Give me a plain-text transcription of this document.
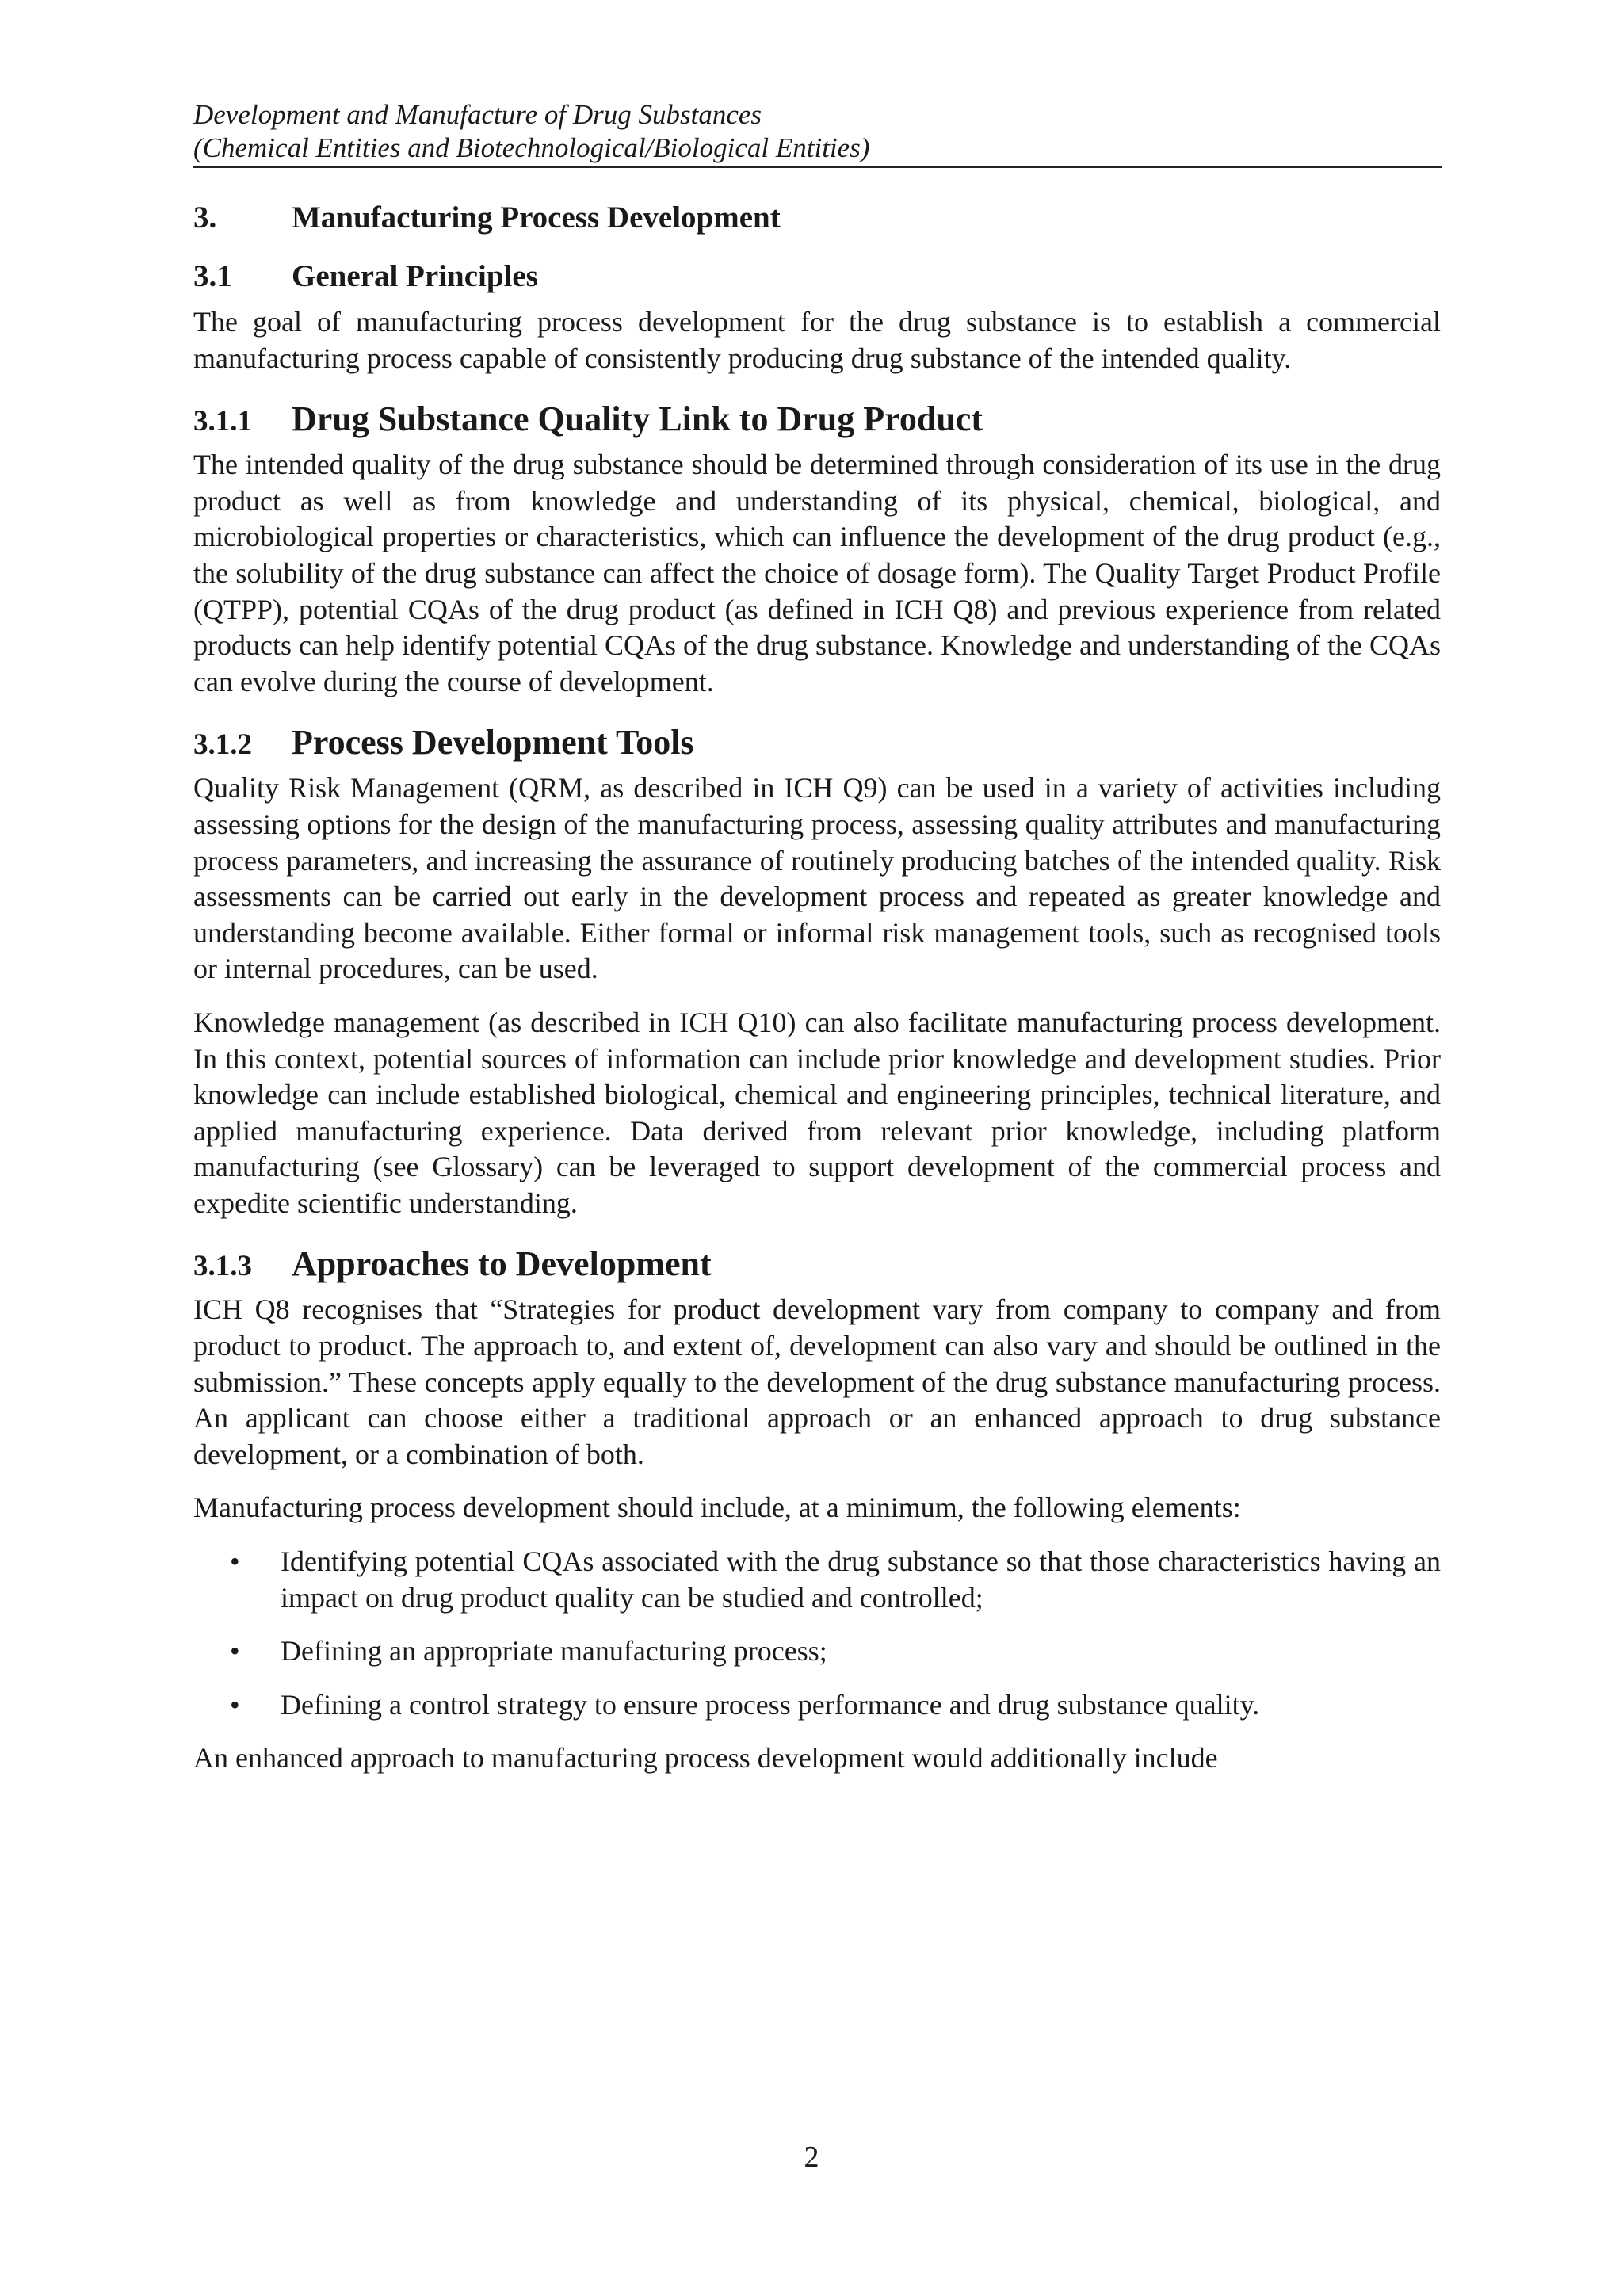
Development and Manufacture of Drug Substances
(Chemical Entities and Biotechnological/Biological Entities)
3. Manufacturing Process Development
3.1 General Principles

The goal of manufacturing process development for the drug substance is to establish a commercial manufacturing process capable of consistently producing drug substance of the intended quality.

3.1.1 Drug Substance Quality Link to Drug Product

The intended quality of the drug substance should be determined through consideration of its use in the drug product as well as from knowledge and understanding of its physical, chemical, biological, and microbiological properties or characteristics, which can influence the development of the drug product (e.g., the solubility of the drug substance can affect the choice of dosage form). The Quality Target Product Profile (QTPP), potential CQAs of the drug product (as defined in ICH Q8) and previous experience from related products can help identify potential CQAs of the drug substance. Knowledge and understanding of the CQAs can evolve during the course of development.

3.1.2 Process Development Tools

Quality Risk Management (QRM, as described in ICH Q9) can be used in a variety of activities including assessing options for the design of the manufacturing process, assessing quality attributes and manufacturing process parameters, and increasing the assurance of routinely producing batches of the intended quality. Risk assessments can be carried out early in the development process and repeated as greater knowledge and understanding become available. Either formal or informal risk management tools, such as recognised tools or internal procedures, can be used.

Knowledge management (as described in ICH Q10) can also facilitate manufacturing process development. In this context, potential sources of information can include prior knowledge and development studies. Prior knowledge can include established biological, chemical and engineering principles, technical literature, and applied manufacturing experience. Data derived from relevant prior knowledge, including platform manufacturing (see Glossary) can be leveraged to support development of the commercial process and expedite scientific understanding.

3.1.3 Approaches to Development

ICH Q8 recognises that “Strategies for product development vary from company to company and from product to product. The approach to, and extent of, development can also vary and should be outlined in the submission.” These concepts apply equally to the development of the drug substance manufacturing process. An applicant can choose either a traditional approach or an enhanced approach to drug substance development, or a combination of both.

Manufacturing process development should include, at a minimum, the following elements:

• Identifying potential CQAs associated with the drug substance so that those characteristics having an impact on drug product quality can be studied and controlled;
• Defining an appropriate manufacturing process;
• Defining a control strategy to ensure process performance and drug substance quality.

An enhanced approach to manufacturing process development would additionally include

2
